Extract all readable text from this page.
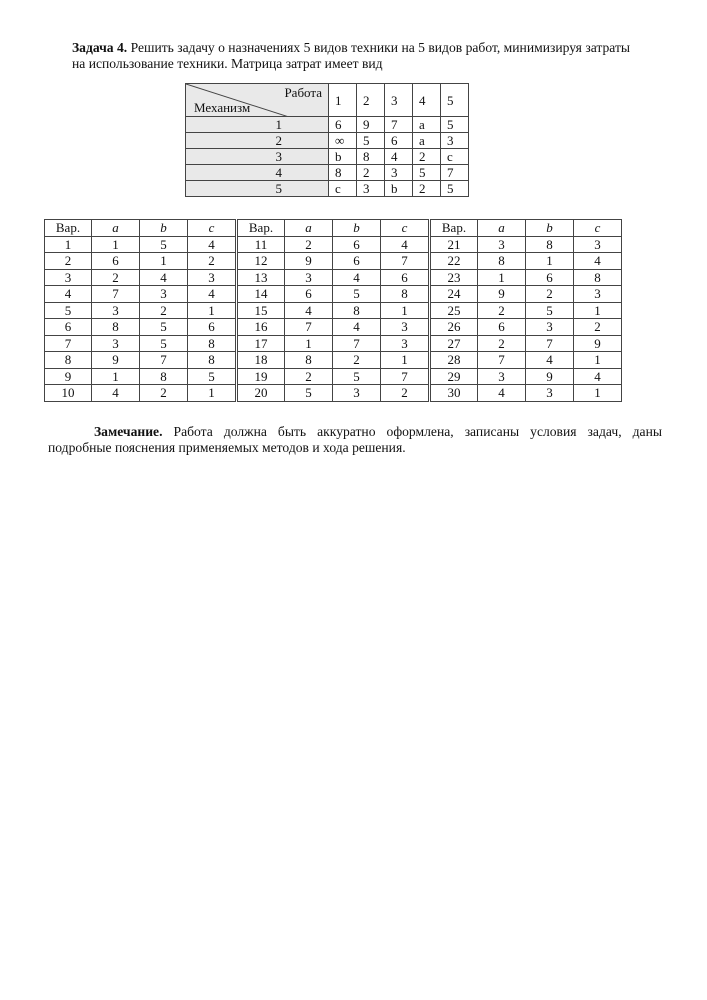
Задача 4. Решить задачу о назначениях 5 видов техники на 5 видов работ, минимизируя затраты
на использование техники. Матрица затрат имеет вид
Работа
Механизм	1	2	3	4	5
1	6	9	7	a	5
2	∞	5	6	a	3
3	b	8	4	2	c
4	8	2	3	5	7
5	c	3	b	2	5
Вар.	a	b	c	Вар.	a	b	c	Вар.	a	b	c
1	1	5	4	11	2	6	4	21	3	8	3
2	6	1	2	12	9	6	7	22	8	1	4
3	2	4	3	13	3	4	6	23	1	6	8
4	7	3	4	14	6	5	8	24	9	2	3
5	3	2	1	15	4	8	1	25	2	5	1
6	8	5	6	16	7	4	3	26	6	3	2
7	3	5	8	17	1	7	3	27	2	7	9
8	9	7	8	18	8	2	1	28	7	4	1
9	1	8	5	19	2	5	7	29	3	9	4
10	4	2	1	20	5	3	2	30	4	3	1
Замечание. Работа должна быть аккуратно оформлена, записаны условия задач, даны
подробные пояснения применяемых методов и хода решения.
